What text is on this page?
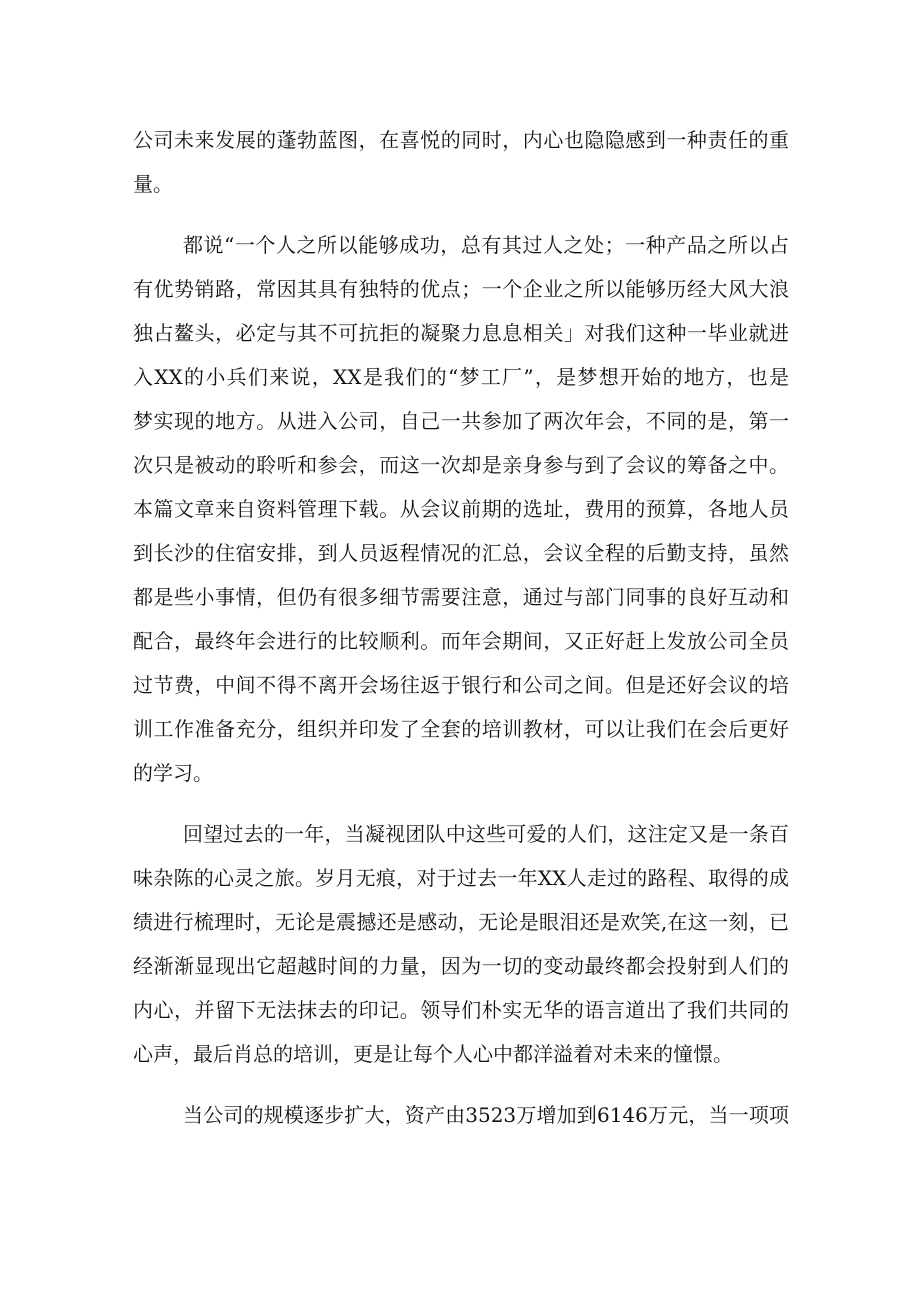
公司未来发展的蓬勃蓝图，在喜悦的同时，内心也隐隐感到一种责任的重
量。
都说“一个人之所以能够成功，总有其过人之处；一种产品之所以占
有优势销路，常因其具有独特的优点；一个企业之所以能够历经大风大浪
独占鳌头，必定与其不可抗拒的凝聚力息息相关」对我们这种一毕业就进
入XX的小兵们来说，XX是我们的“梦工厂”，是梦想开始的地方，也是
梦实现的地方。从进入公司，自己一共参加了两次年会，不同的是，第一
次只是被动的聆听和参会，而这一次却是亲身参与到了会议的筹备之中。
本篇文章来自资料管理下载。从会议前期的选址，费用的预算，各地人员
到长沙的住宿安排，到人员返程情况的汇总，会议全程的后勤支持，虽然
都是些小事情，但仍有很多细节需要注意，通过与部门同事的良好互动和
配合，最终年会进行的比较顺利。而年会期间，又正好赶上发放公司全员
过节费，中间不得不离开会场往返于银行和公司之间。但是还好会议的培
训工作准备充分，组织并印发了全套的培训教材，可以让我们在会后更好
的学习。
回望过去的一年，当凝视团队中这些可爱的人们，这注定又是一条百
味杂陈的心灵之旅。岁月无痕，对于过去一年XX人走过的路程、取得的成
绩进行梳理时，无论是震撼还是感动，无论是眼泪还是欢笑,在这一刻，已
经渐渐显现出它超越时间的力量，因为一切的变动最终都会投射到人们的
内心，并留下无法抹去的印记。领导们朴实无华的语言道出了我们共同的
心声，最后肖总的培训，更是让每个人心中都洋溢着对未来的憧憬。
当公司的规模逐步扩大，资产由3523万增加到6146万元，当一项项
